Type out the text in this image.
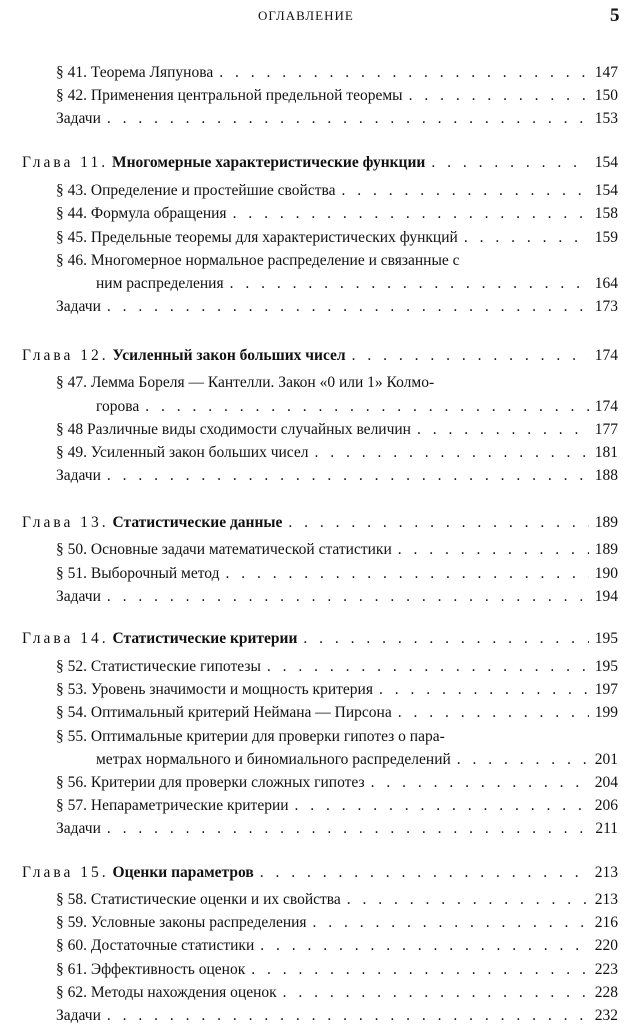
ОГЛАВЛЕНИЕ	5
§ 41. Теорема Ляпунова . . .	147
§ 42. Применения центральной предельной теоремы . . .	150
Задачи . . .	153
Глава 11. Многомерные характеристические функции . . .	154
§ 43. Определение и простейшие свойства . . .	154
§ 44. Формула обращения . . .	158
§ 45. Предельные теоремы для характеристических функций . . .	159
§ 46. Многомерное нормальное распределение и связанные с
ним распределения . . .	164
Задачи . . .	173
Глава 12. Усиленный закон больших чисел . . .	174
§ 47. Лемма Бореля — Кантелли. Закон «0 или 1» Колмо-
горова . . .	174
§ 48 Различные виды сходимости случайных величин . . .	177
§ 49. Усиленный закон больших чисел . . .	181
Задачи . . .	188
Глава 13. Статистические данные . . .	189
§ 50. Основные задачи математической статистики . . .	189
§ 51. Выборочный метод . . .	190
Задачи . . .	194
Глава 14. Статистические критерии . . .	195
§ 52. Статистические гипотезы . . .	195
§ 53. Уровень значимости и мощность критерия . . .	197
§ 54. Оптимальный критерий Неймана — Пирсона . . .	199
§ 55. Оптимальные критерии для проверки гипотез о пара-
метрах нормального и биномиального распределений . . .	201
§ 56. Критерии для проверки сложных гипотез . . .	204
§ 57. Непараметрические критерии . . .	206
Задачи . . .	211
Глава 15. Оценки параметров . . .	213
§ 58. Статистические оценки и их свойства . . .	213
§ 59. Условные законы распределения . . .	216
§ 60. Достаточные статистики . . .	220
§ 61. Эффективность оценок . . .	223
§ 62. Методы нахождения оценок . . .	228
Задачи . . .	232
